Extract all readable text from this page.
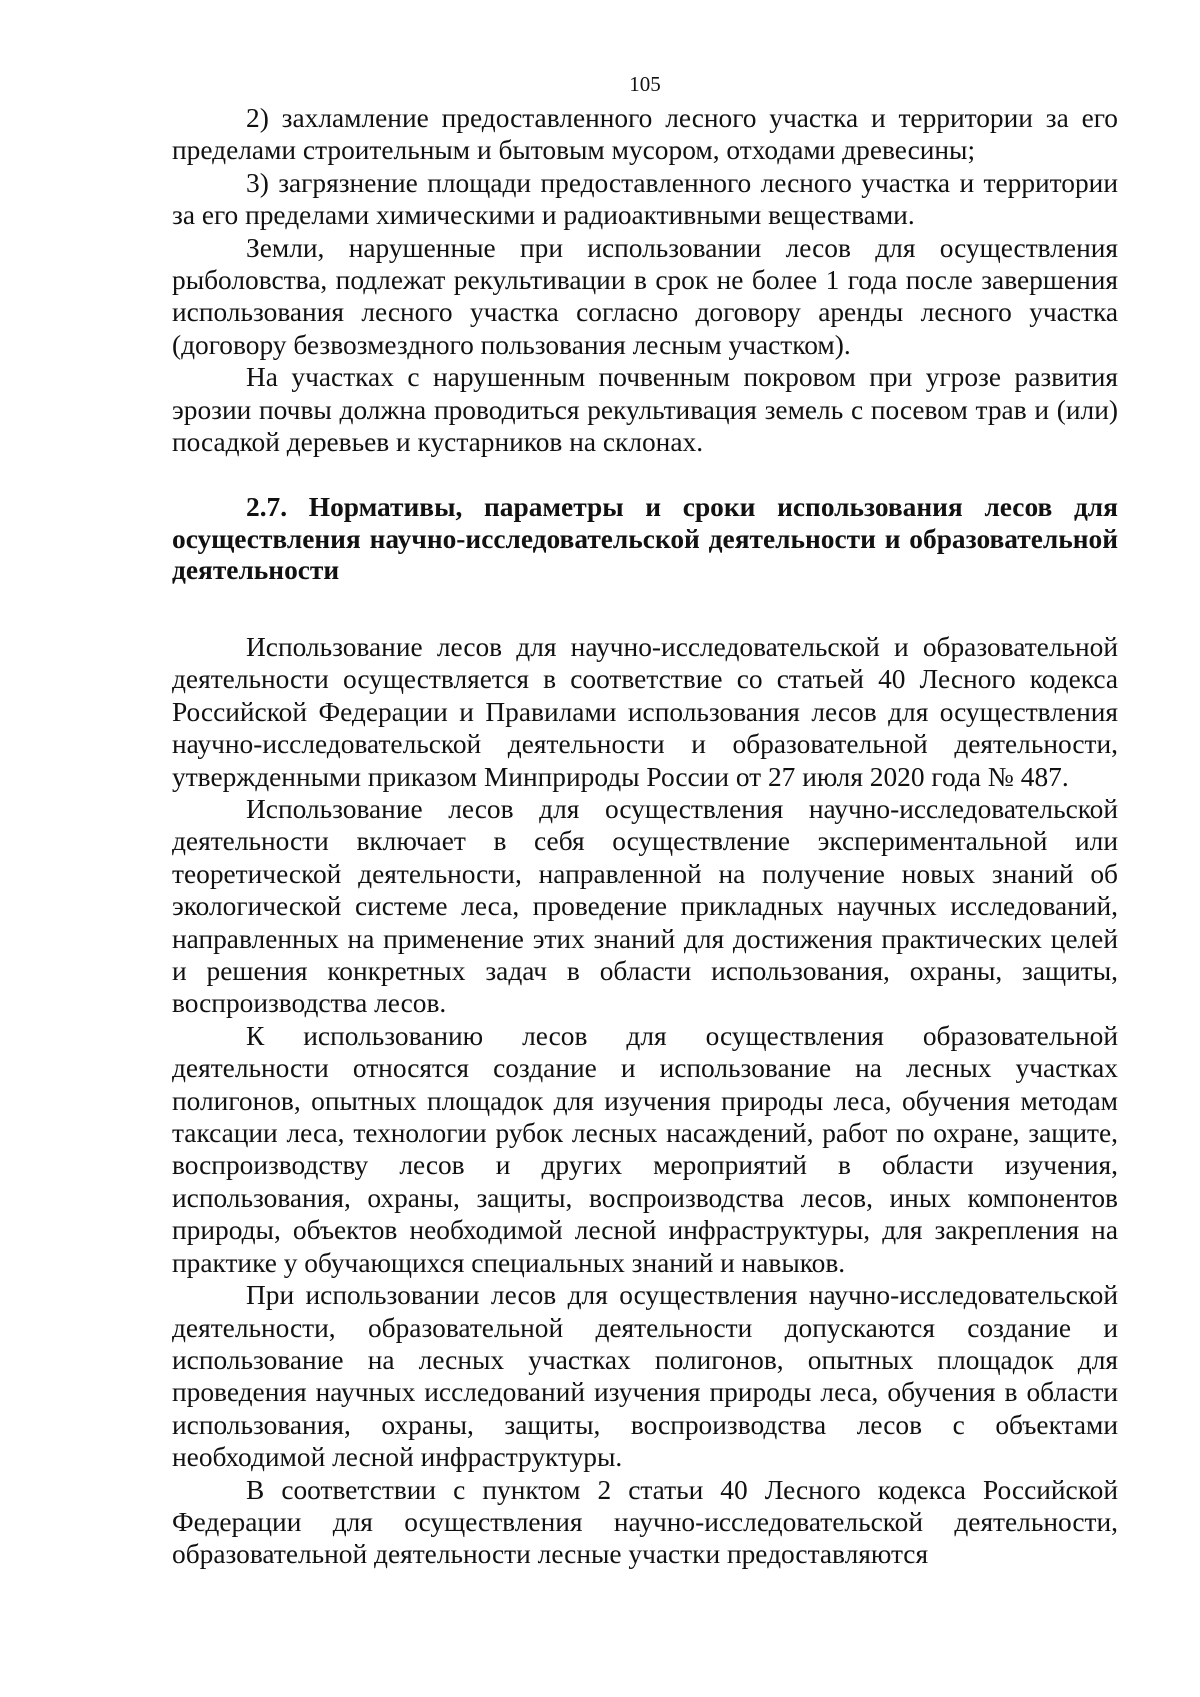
105

2) захламление предоставленного лесного участка и территории за его пределами строительным и бытовым мусором, отходами древесины;

3) загрязнение площади предоставленного лесного участка и территории за его пределами химическими и радиоактивными веществами.

Земли, нарушенные при использовании лесов для осуществления рыболовства, подлежат рекультивации в срок не более 1 года после завершения использования лесного участка согласно договору аренды лесного участка (договору безвозмездного пользования лесным участком).

На участках с нарушенным почвенным покровом при угрозе развития эрозии почвы должна проводиться рекультивация земель с посевом трав и (или) посадкой деревьев и кустарников на склонах.

2.7. Нормативы, параметры и сроки использования лесов для осуществления научно-исследовательской деятельности и образовательной деятельности

Использование лесов для научно-исследовательской и образовательной деятельности осуществляется в соответствие со статьей 40 Лесного кодекса Российской Федерации и Правилами использования лесов для осуществления научно-исследовательской деятельности и образовательной деятельности, утвержденными приказом Минприроды России от 27 июля 2020 года № 487.

Использование лесов для осуществления научно-исследовательской деятельности включает в себя осуществление экспериментальной или теоретической деятельности, направленной на получение новых знаний об экологической системе леса, проведение прикладных научных исследований, направленных на применение этих знаний для достижения практических целей и решения конкретных задач в области использования, охраны, защиты, воспроизводства лесов.

К использованию лесов для осуществления образовательной деятельности относятся создание и использование на лесных участках полигонов, опытных площадок для изучения природы леса, обучения методам таксации леса, технологии рубок лесных насаждений, работ по охране, защите, воспроизводству лесов и других мероприятий в области изучения, использования, охраны, защиты, воспроизводства лесов, иных компонентов природы, объектов необходимой лесной инфраструктуры, для закрепления на практике у обучающихся специальных знаний и навыков.

При использовании лесов для осуществления научно-исследовательской деятельности, образовательной деятельности допускаются создание и использование на лесных участках полигонов, опытных площадок для проведения научных исследований изучения природы леса, обучения в области использования, охраны, защиты, воспроизводства лесов с объектами необходимой лесной инфраструктуры.

В соответствии с пунктом 2 статьи 40 Лесного кодекса Российской Федерации для осуществления научно-исследовательской деятельности, образовательной деятельности лесные участки предоставляются
